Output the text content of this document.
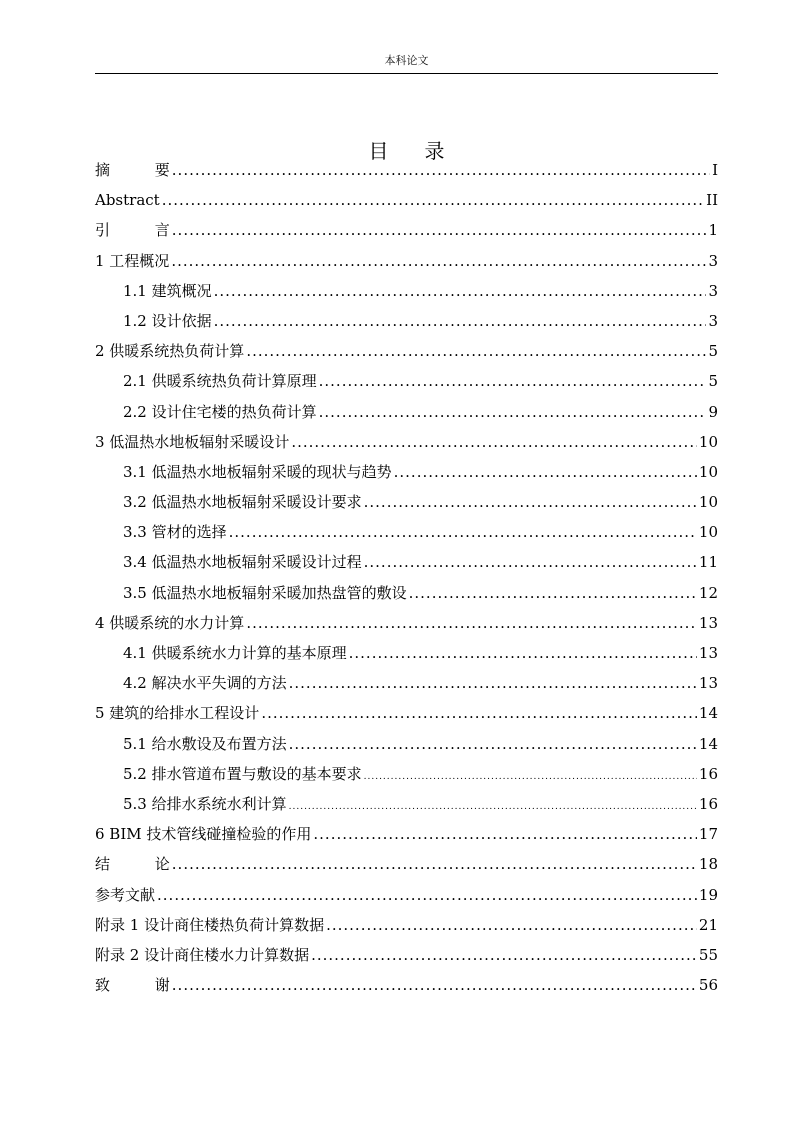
本科论文
目录
摘 要 .....	I
Abstract .....	II
引 言 .....	1
1 工程概况 .....	3
1.1 建筑概况 .....	3
1.2 设计依据 .....	3
2 供暖系统热负荷计算 .....	5
2.1 供暖系统热负荷计算原理 .....	5
2.2 设计住宅楼的热负荷计算 .....	9
3 低温热水地板辐射采暖设计 .....	10
3.1 低温热水地板辐射采暖的现状与趋势 .....	10
3.2 低温热水地板辐射采暖设计要求 .....	10
3.3 管材的选择 .....	10
3.4 低温热水地板辐射采暖设计过程 .....	11
3.5 低温热水地板辐射采暖加热盘管的敷设 .....	12
4 供暖系统的水力计算 .....	13
4.1 供暖系统水力计算的基本原理 .....	13
4.2 解决水平失调的方法 .....	13
5 建筑的给排水工程设计 .....	14
5.1 给水敷设及布置方法 .....	14
5.2 排水管道布置与敷设的基本要求 .....	16
5.3 给排水系统水利计算 .....	16
6 BIM 技术管线碰撞检验的作用 .....	17
结 论 .....	18
参考文献 .....	19
附录 1 设计商住楼热负荷计算数据 .....	21
附录 2 设计商住楼水力计算数据 .....	55
致 谢 .....	56
